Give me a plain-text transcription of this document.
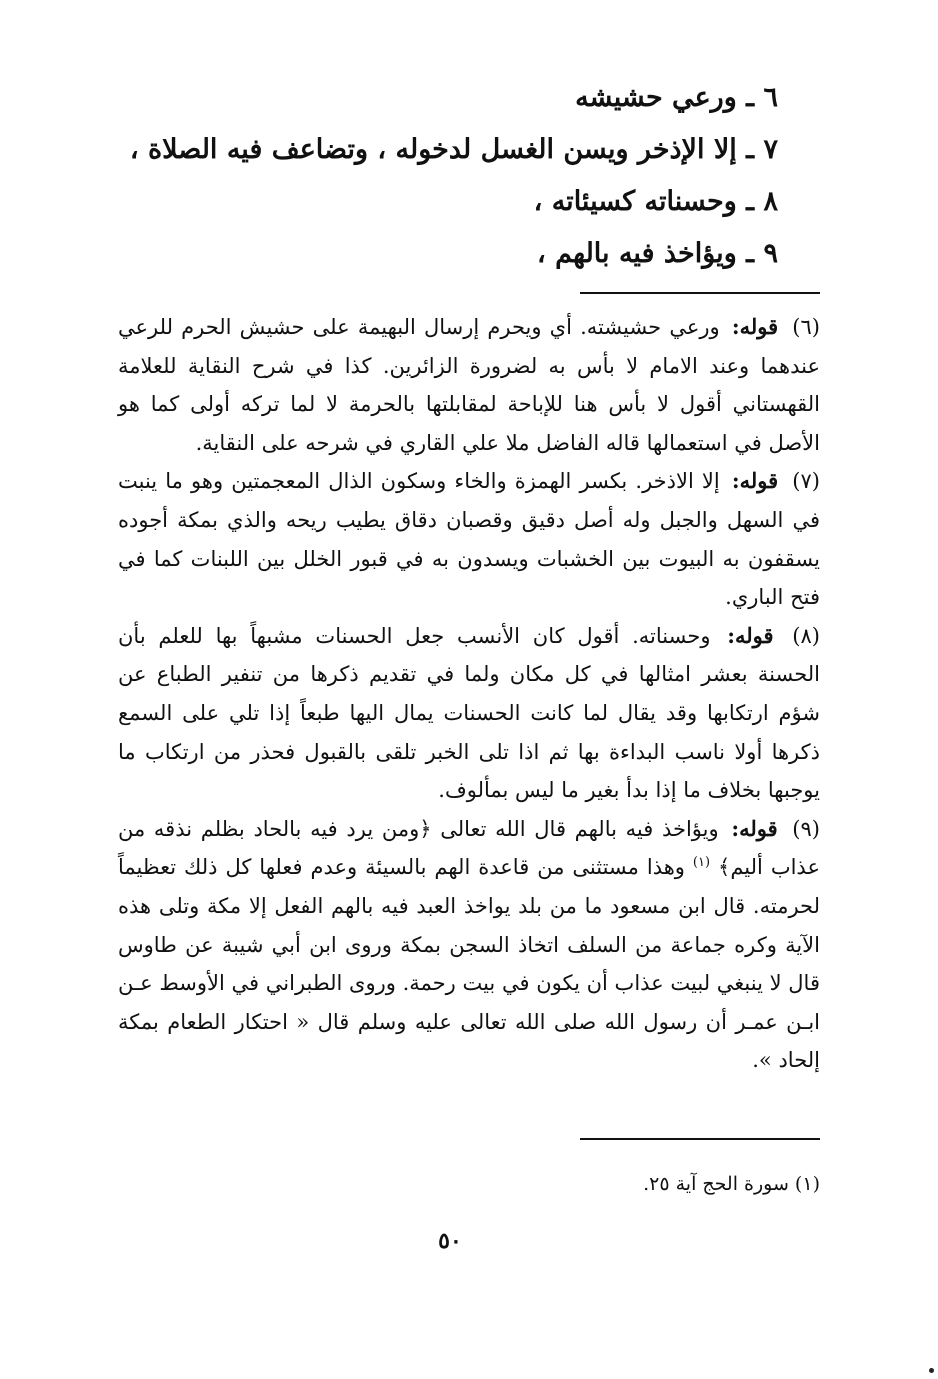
٦ ـ ورعي حشيشه
٧ ـ إلا الإذخر ويسن الغسل لدخوله ، وتضاعف فيه الصلاة ،
٨ ـ وحسناته كسيئاته ،
٩ ـ ويؤاخذ فيه بالهم ،

(٦) قوله: ورعي حشيشته. أي ويحرم إرسال البهيمة على حشيش الحرم للرعي عندهما وعند الامام لا بأس به لضرورة الزائرين. كذا في شرح النقاية للعلامة القهستاني أقول لا بأس هنا للإباحة لمقابلتها بالحرمة لا لما تركه أولى كما هو الأصل في استعمالها قاله الفاضل ملا علي القاري في شرحه على النقاية.

(٧) قوله: إلا الاذخر. بكسر الهمزة والخاء وسكون الذال المعجمتين وهو ما ينبت في السهل والجبل وله أصل دقيق وقصبان دقاق يطيب ريحه والذي بمكة أجوده يسقفون به البيوت بين الخشبات ويسدون به في قبور الخلل بين اللبنات كما في فتح الباري.

(٨) قوله: وحسناته. أقول كان الأنسب جعل الحسنات مشبهاً بها للعلم بأن الحسنة بعشر امثالها في كل مكان ولما في تقديم ذكرها من تنفير الطباع عن شؤم ارتكابها وقد يقال لما كانت الحسنات يمال اليها طبعاً إذا تلي على السمع ذكرها أولا ناسب البداءة بها ثم اذا تلى الخبر تلقى بالقبول فحذر من ارتكاب ما يوجبها بخلاف ما إذا بدأ بغير ما ليس بمألوف.

(٩) قوله: ويؤاخذ فيه بالهم قال الله تعالى ﴿ومن يرد فيه بالحاد بظلم نذقه من عذاب أليم﴾ $^{(١)}$ وهذا مستثنى من قاعدة الهم بالسيئة وعدم فعلها كل ذلك تعظيماً لحرمته. قال ابن مسعود ما من بلد يواخذ العبد فيه بالهم الفعل إلا مكة وتلى هذه الآية وكره جماعة من السلف اتخاذ السجن بمكة وروى ابن أبي شيبة عن طاوس قال لا ينبغي لبيت عذاب أن يكون في بيت رحمة. وروى الطبراني في الأوسط عـن ابـن عمـر أن رسول الله صلى الله تعالى عليه وسلم قال « احتكار الطعام بمكة إلحاد ».

(١) سورة الحج آية ٢٥.
٥٠
